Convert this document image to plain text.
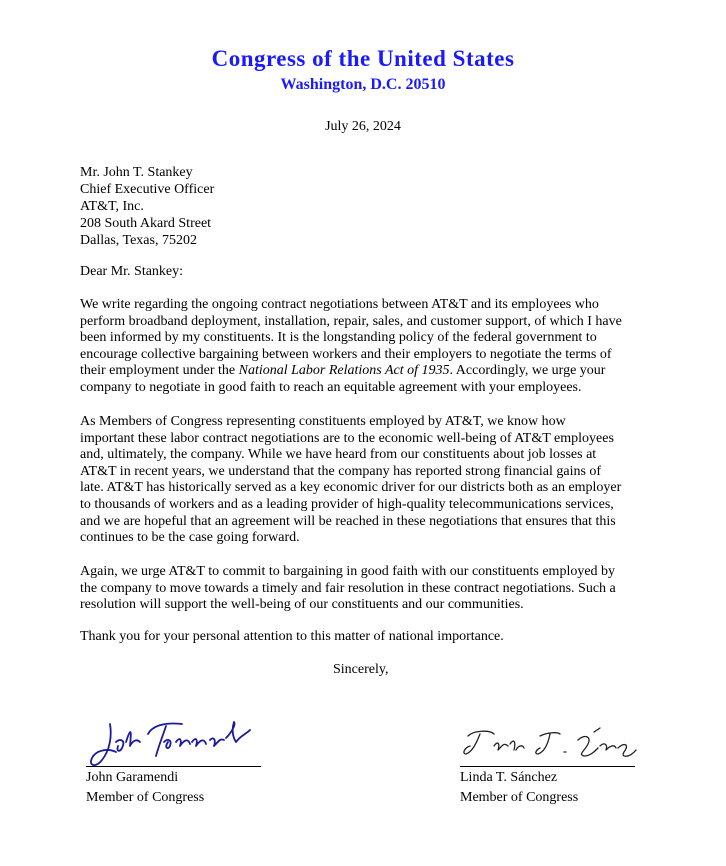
Congress of the United States
Washington, D.C. 20510
July 26, 2024
Mr. John T. Stankey
Chief Executive Officer
AT&T, Inc.
208 South Akard Street
Dallas, Texas, 75202
Dear Mr. Stankey:
We write regarding the ongoing contract negotiations between AT&T and its employees who
perform broadband deployment, installation, repair, sales, and customer support, of which I have
been informed by my constituents. It is the longstanding policy of the federal government to
encourage collective bargaining between workers and their employers to negotiate the terms of
their employment under the National Labor Relations Act of 1935. Accordingly, we urge your
company to negotiate in good faith to reach an equitable agreement with your employees.
As Members of Congress representing constituents employed by AT&T, we know how
important these labor contract negotiations are to the economic well-being of AT&T employees
and, ultimately, the company. While we have heard from our constituents about job losses at
AT&T in recent years, we understand that the company has reported strong financial gains of
late. AT&T has historically served as a key economic driver for our districts both as an employer
to thousands of workers and as a leading provider of high-quality telecommunications services,
and we are hopeful that an agreement will be reached in these negotiations that ensures that this
continues to be the case going forward.
Again, we urge AT&T to commit to bargaining in good faith with our constituents employed by
the company to move towards a timely and fair resolution in these contract negotiations. Such a
resolution will support the well-being of our constituents and our communities.
Thank you for your personal attention to this matter of national importance.
Sincerely,
John Garamendi
Member of Congress
Linda T. Sánchez
Member of Congress
